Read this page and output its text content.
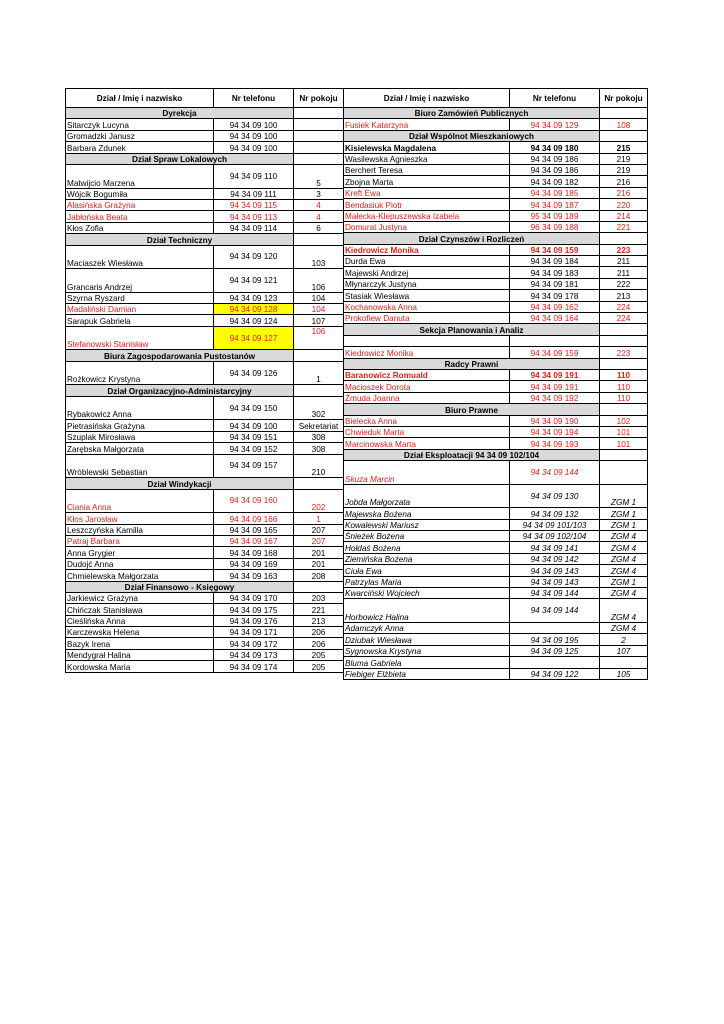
Dział / Imię i nazwisko	Nr telefonu	Nr pokoju
Dyrekcja		
Sitarczyk Lucyna	94 34 09 100	
Gromadzki Janusz	94 34 09 100	
Barbara Zdunek	94 34 09 100	
Dział Spraw Lokalowych		
Matwijcio Marzena	94 34 09 110	5
Wójcik Bogumiła	94 34 09 111	3
Alasińska Grażyna	94 34 09 115	4
Jabłońska Beata	94 34 09 113	4
Kłos Zofia	94 34 09 114	6
Dział Techniczny		
Maciaszek Wiesława	94 34 09 120	103
Grancaris Andrzej	94 34 09 121	106
Szyrna Ryszard	94 34 09 123	104
Madaliński Damian	94 34 09 128	104
Sarapuk Gabriela	94 34 09 124	107
Stefanowski Stanisław	94 34 09 127	106
Biura Zagospodarowania Pustostanów		
Rożkowicz Krystyna	94 34 09 126	1
Dział Organizacyjno-Administarcyjny		
Rybakowicz Anna	94 34 09 150	302
Pietrasińska Grażyna	94 34 09 100	Sekretariat
Szuplak Mirosława	94 34 09 151	308
Zarębska Małgorzata	94 34 09 152	308
Wróblewski Sebastian	94 34 09 157	210
Dział Windykacji		
Ciania Anna	94 34 09 160	202
Kłos Jarosław	94 34 09 166	1
Leszczyńska Kamilla	94 34 09 165	207
Patraj Barbara	94 34 09 167	207
Anna Grygier	94 34 09 168	201
Dudojć Anna	94 34 09 169	201
Chmielewska Małgorzata	94 34 09 163	208
Dział Finansowo - Księgowy		
Jarkiewicz Grażyna	94 34 09 170	203
Chińczak Stanisława	94 34 09 175	221
Cieślińska Anna	94 34 09 176	213
Karczewska Helena	94 34 09 171	206
Bazyk Irena	94 34 09 172	206
Mendygrał Halina	94 34 09 173	205
Kordowska Maria	94 34 09 174	205
Dział / Imię i nazwisko	Nr telefonu	Nr pokoju
Biuro Zamówień Publicznych		
Fusiek Katarzyna	94 34 09 129	108
Dział Wspólnot Mieszkaniowych		
Kisielewska Magdalena	94 34 09 180	215
Wasilewska Agnieszka	94 34 09 186	219
Berchert Teresa	94 34 09 186	219
Zbojna Marta	94 34 09 182	216
Kreft Ewa	94 34 09 185	216
Bendasiuk Piotr	94 34 09 187	220
Małecka-Klepuszewska Izabela	95 34 09 189	214
Domurat Justyna	96 34 09 188	221
Dział Czynszów i Rozliczeń		
Kiedrowicz Monika	94 34 09 159	223
Durda Ewa	94 34 09 184	211
Majewski Andrzej	94 34 09 183	211
Młynarczyk Justyna	94 34 09 181	222
Stasiak Wiesława	94 34 09 178	213
Kochanowska Anna	94 34 09 162	224
Prokofiew Danuta	94 34 09 164	224
Sekcja Planowania i Analiz		

Kiedrowicz Monika	94 34 09 159	223
Radcy Prawni		
Baranowicz Romuald	94 34 09 191	110
Macioszek Dorota	94 34 09 191	110
Żmuda Joanna	94 34 09 192	110
Biuro Prawne		
Bielecka Anna	94 34 09 190	102
Chwieduk Marta	94 34 09 194	101
Marcinowska Marta	94 34 09 193	101
Dział Eksploatacji 94 34 09 102/104		
Skuza Marcin	94 34 09 144	
Jobda Małgorzata	94 34 09 130	ZGM 1
Majewska Bożena	94 34 09 132	ZGM 1
Kowalewski Mariusz	94 34 09 101/103	ZGM 1
Śnieżek Bożena	94 34 09 102/104	ZGM 4
Hołdaś Bożena	94 34 09 141	ZGM 4
Ziemińska Bożena	94 34 09 142	ZGM 4
Ciuła Ewa	94 34 09 143	ZGM 4
Patrzylas Maria	94 34 09 143	ZGM 1
Kwarciński Wojciech	94 34 09 144	ZGM 4
Horbowicz Halina	94 34 09 144	ZGM 4
Adamczyk Anna		ZGM 4
Dziubak Wiesława	94 34 09 195	2
Sygnowska Krystyna	94 34 09 125	107
Bluma Gabriela		
Fiebiger Elżbieta	94 34 09 122	105
